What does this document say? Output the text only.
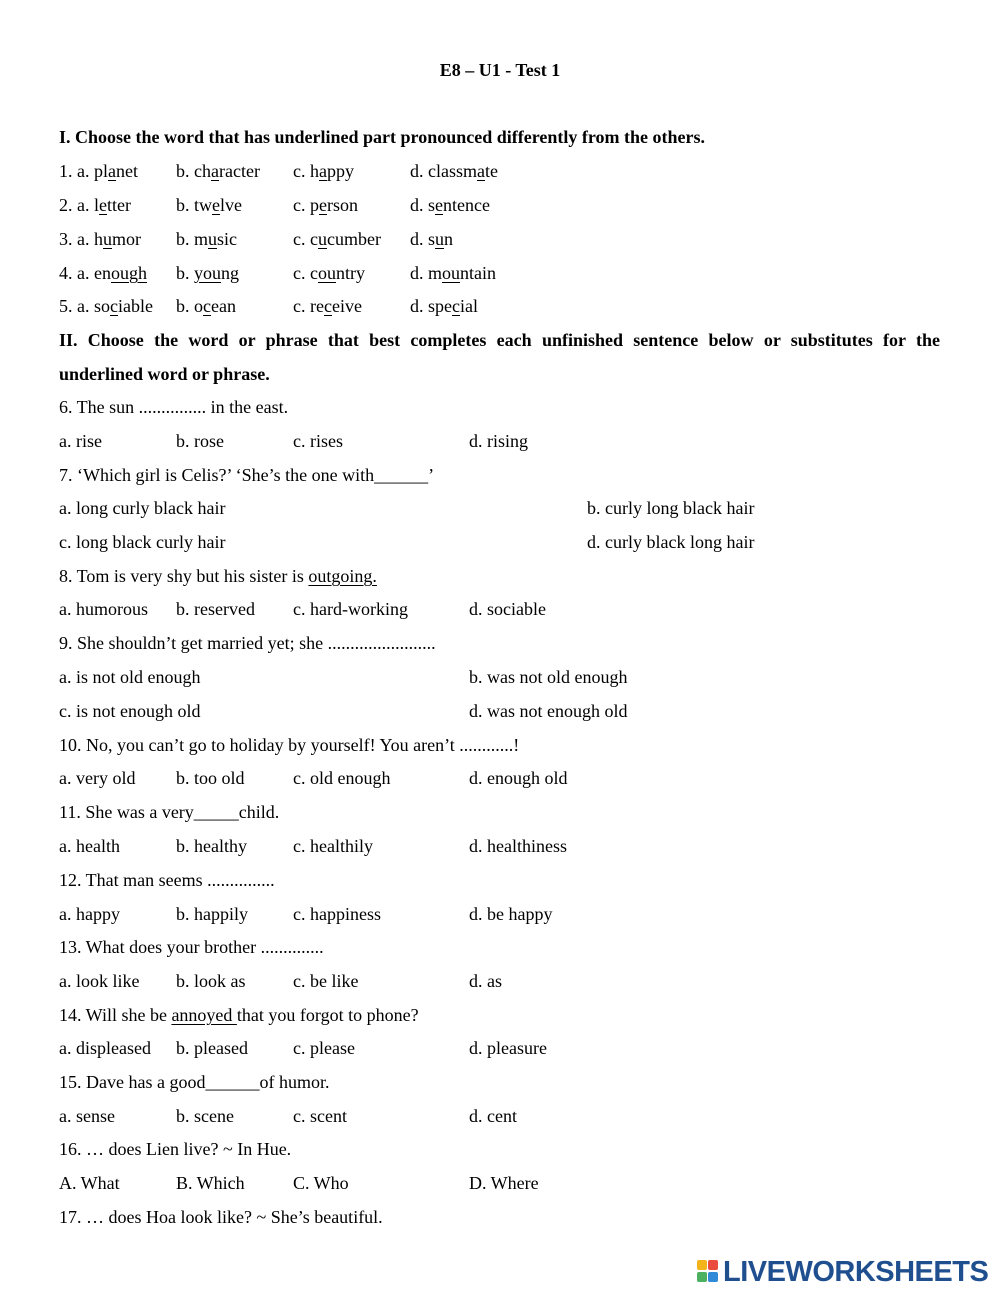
E8 – U1 - Test 1
I. Choose the word that has underlined part pronounced differently from the others.
1. a. planet b. character c. happy	d. classmate
2. a. letter b. twelve	c. person	d. sentence
3. a. humor b. music	c. cucumber d. sun
4. a. enough b. young	c. country	d. mountain
5. a. sociable b. ocean	c. receive	d. special
II. Choose the word or phrase that best completes each unfinished sentence below or substitutes for the
underlined word or phrase.
6. The sun ............... in the east.
a. rise	b. rose	c. rises	d. rising
7. ‘Which girl is Celis?’ ‘She’s the one with______’
a. long curly black hair	b. curly long black hair
c. long black curly hair	d. curly black long hair
8. Tom is very shy but his sister is outgoing.
a. humorous b. reserved c. hard-working	d. sociable
9. She shouldn’t get married yet; she ........................
a. is not old enough	b. was not old enough
c. is not enough old	d. was not enough old
10. No, you can’t go to holiday by yourself! You aren’t ............!
a. very old b. too old	c. old enough	d. enough old
11. She was a very_____child.
a. health	b. healthy	c. healthily	d. healthiness
12. That man seems ...............
a. happy	b. happily	c. happiness	d. be happy
13. What does your brother ..............
a. look like b. look as	c. be like	d. as
14. Will she be annoyed that you forgot to phone?
a. displeased b. pleased	c. please	d. pleasure
15. Dave has a good______of humor.
a. sense	b. scene	c. scent	d. cent
16. … does Lien live? ~ In Hue.
A. What	B. Which	C. Who	D. Where
17. … does Hoa look like? ~ She’s beautiful.
LIVEWORKSHEETS
